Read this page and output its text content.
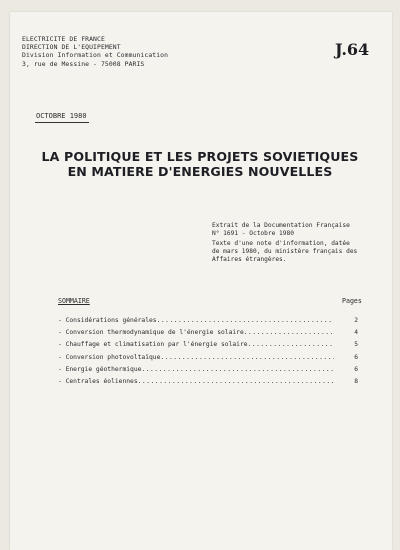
ELECTRICITE DE FRANCE
DIRECTION DE L'EQUIPEMENT
Division Information et Communication
3, rue de Messine - 75008 PARIS
J.64
OCTOBRE 1980
LA POLITIQUE ET LES PROJETS SOVIETIQUES
EN MATIERE D'ENERGIES NOUVELLES
Extrait de la Documentation Française
N° 1691 - Octobre 1980
Texte d'une note d'information, datée
de mars 1980, du ministère français des
Affaires étrangères.
SOMMAIRE	Pages
- Considérations générales .....	2
- Conversion thermodynamique de l'énergie solaire .....	4
- Chauffage et climatisation par l'énergie solaire .....	5
- Conversion photovoltaïque .....	6
- Energie géothermique .....	6
- Centrales éoliennes .....	8
